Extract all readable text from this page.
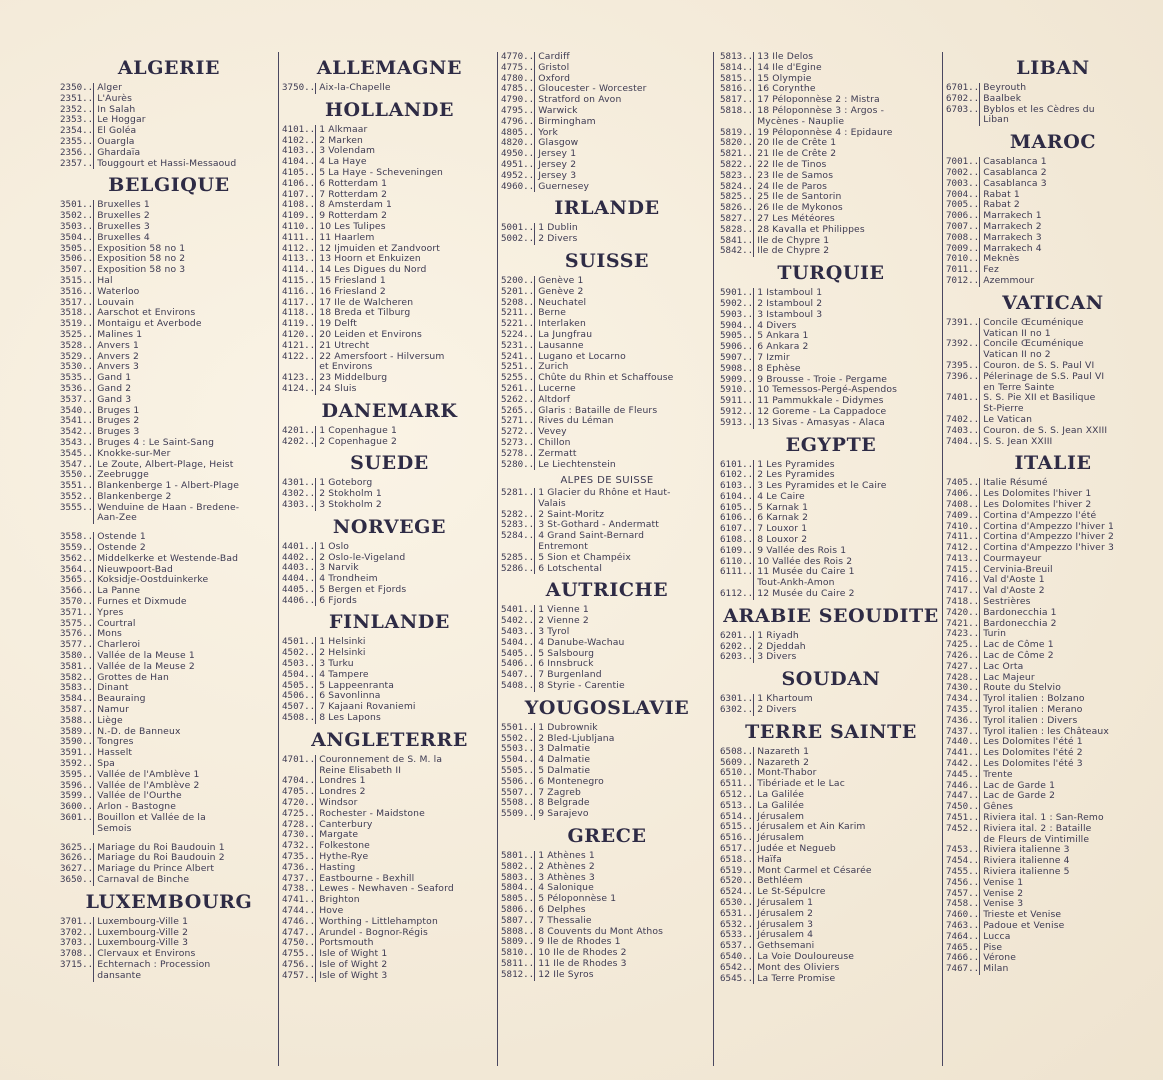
ALGERIE
2350 .. Alger
2351 .. L'Aurès
2352 .. In Salah
2353 .. Le Hoggar
2354 .. El Goléa
2355 .. Ouargla
2356 .. Ghardaïa
2357 .. Touggourt et Hassi-Messaoud
BELGIQUE
3501 .. Bruxelles 1
3502 .. Bruxelles 2
3503 .. Bruxelles 3
3504 .. Bruxelles 4
3505 .. Exposition 58 no 1
3506 .. Exposition 58 no 2
3507 .. Exposition 58 no 3
3515 .. Hal
3516 .. Waterloo
3517 .. Louvain
3518 .. Aarschot et Environs
3519 .. Montaigu et Averbode
3525 .. Malines 1
3528 .. Anvers 1
3529 .. Anvers 2
3530 .. Anvers 3
3535 .. Gand 1
3536 .. Gand 2
3537 .. Gand 3
3540 .. Bruges 1
3541 .. Bruges 2
3542 .. Bruges 3
3543 .. Bruges 4 : Le Saint-Sang
3545 .. Knokke-sur-Mer
3547 .. Le Zoute, Albert-Plage, Heist
3550 .. Zeebrugge
3551 .. Blankenberge 1 - Albert-Plage
3552 .. Blankenberge 2
3555 .. Wenduine de Haan - Bredene-
Aan-Zee
3558 .. Ostende 1
3559 .. Ostende 2
3562 .. Middelkerke et Westende-Bad
3564 .. Nieuwpoort-Bad
3565 .. Koksidje-Oostduinkerke
3566 .. La Panne
3570 .. Furnes et Dixmude
3571 .. Ypres
3575 .. Courtral
3576 .. Mons
3577 .. Charleroi
3580 .. Vallée de la Meuse 1
3581 .. Vallée de la Meuse 2
3582 .. Grottes de Han
3583 .. Dinant
3584 .. Beauraing
3587 .. Namur
3588 .. Liège
3589 .. N.-D. de Banneux
3590 .. Tongres
3591 .. Hasselt
3592 .. Spa
3595 .. Vallée de l'Amblève 1
3596 .. Vallée de l'Amblève 2
3599 .. Vallée de l'Ourthe
3600 .. Arlon - Bastogne
3601 .. Bouillon et Vallée de la
Semois
3625 .. Mariage du Roi Baudouin 1
3626 .. Mariage du Roi Baudouin 2
3627 .. Mariage du Prince Albert
3650 .. Carnaval de Binche
LUXEMBOURG
3701 .. Luxembourg-Ville 1
3702 .. Luxembourg-Ville 2
3703 .. Luxembourg-Ville 3
3708 .. Clervaux et Environs
3715 .. Echternach : Procession
dansante
ALLEMAGNE
3750 .. Aix-la-Chapelle
HOLLANDE
4101 .. 1 Alkmaar
4102 .. 2 Marken
4103 .. 3 Volendam
4104 .. 4 La Haye
4105 .. 5 La Haye - Scheveningen
4106 .. 6 Rotterdam 1
4107 .. 7 Rotterdam 2
4108 .. 8 Amsterdam 1
4109 .. 9 Rotterdam 2
4110 .. 10 Les Tulipes
4111 .. 11 Haarlem
4112 .. 12 Ijmuiden et Zandvoort
4113 .. 13 Hoorn et Enkuizen
4114 .. 14 Les Digues du Nord
4115 .. 15 Friesland 1
4116 .. 16 Friesland 2
4117 .. 17 Ile de Walcheren
4118 .. 18 Breda et Tilburg
4119 .. 19 Delft
4120 .. 20 Leiden et Environs
4121 .. 21 Utrecht
4122 .. 22 Amersfoort - Hilversum
et Environs
4123 .. 23 Middelburg
4124 .. 24 Sluis
DANEMARK
4201 .. 1 Copenhague 1
4202 .. 2 Copenhague 2
SUEDE
4301 .. 1 Goteborg
4302 .. 2 Stokholm 1
4303 .. 3 Stokholm 2
NORVEGE
4401 .. 1 Oslo
4402 .. 2 Oslo-le-Vigeland
4403 .. 3 Narvik
4404 .. 4 Trondheim
4405 .. 5 Bergen et Fjords
4406 .. 6 Fjords
FINLANDE
4501 .. 1 Helsinki
4502 .. 2 Helsinki
4503 .. 3 Turku
4504 .. 4 Tampere
4505 .. 5 Lappeenranta
4506 .. 6 Savonlinna
4507 .. 7 Kajaani Rovaniemi
4508 .. 8 Les Lapons
ANGLETERRE
4701 .. Couronnement de S. M. la
Reine Elisabeth II
4704 .. Londres 1
4705 .. Londres 2
4720 .. Windsor
4725 .. Rochester - Maidstone
4728 .. Canterbury
4730 .. Margate
4732 .. Folkestone
4735 .. Hythe-Rye
4736 .. Hasting
4737 .. Eastbourne - Bexhill
4738 .. Lewes - Newhaven - Seaford
4741 .. Brighton
4744 .. Hove
4746 .. Worthing - Littlehampton
4747 .. Arundel - Bognor-Régis
4750 .. Portsmouth
4755 .. Isle of Wight 1
4756 .. Isle of Wight 2
4757 .. Isle of Wight 3
4770 .. Cardiff
4775 .. Gristol
4780 .. Oxford
4785 .. Gloucester - Worcester
4790 .. Stratford on Avon
4795 .. Warwick
4796 .. Birmingham
4805 .. York
4820 .. Glasgow
4950 .. Jersey 1
4951 .. Jersey 2
4952 .. Jersey 3
4960 .. Guernesey
IRLANDE
5001 .. 1 Dublin
5002 .. 2 Divers
SUISSE
5200 .. Genève 1
5201 .. Genève 2
5208 .. Neuchatel
5211 .. Berne
5221 .. Interlaken
5224 .. La Jungfrau
5231 .. Lausanne
5241 .. Lugano et Locarno
5251 .. Zurich
5255 .. Chûte du Rhin et Schaffouse
5261 .. Lucerne
5262 .. Altdorf
5265 .. Glaris : Bataille de Fleurs
5271 .. Rives du Léman
5272 .. Vevey
5273 .. Chillon
5278 .. Zermatt
5280 .. Le Liechtenstein
ALPES DE SUISSE
5281 .. 1 Glacier du Rhône et Haut-
Valais
5282 .. 2 Saint-Moritz
5283 .. 3 St-Gothard - Andermatt
5284 .. 4 Grand Saint-Bernard
Entremont
5285 .. 5 Sion et Champéix
5286 .. 6 Lotschental
AUTRICHE
5401 .. 1 Vienne 1
5402 .. 2 Vienne 2
5403 .. 3 Tyrol
5404 .. 4 Danube-Wachau
5405 .. 5 Salsbourg
5406 .. 6 Innsbruck
5407 .. 7 Burgenland
5408 .. 8 Styrie - Carentie
YOUGOSLAVIE
5501 .. 1 Dubrownik
5502 .. 2 Bled-Ljubljana
5503 .. 3 Dalmatie
5504 .. 4 Dalmatie
5505 .. 5 Dalmatie
5506 .. 6 Montenegro
5507 .. 7 Zagreb
5508 .. 8 Belgrade
5509 .. 9 Sarajevo
GRECE
5801 .. 1 Athènes 1
5802 .. 2 Athènes 2
5803 .. 3 Athènes 3
5804 .. 4 Salonique
5805 .. 5 Péloponnèse 1
5806 .. 6 Delphes
5807 .. 7 Thessalie
5808 .. 8 Couvents du Mont Athos
5809 .. 9 Ile de Rhodes 1
5810 .. 10 Ile de Rhodes 2
5811 .. 11 Ile de Rhodes 3
5812 .. 12 Ile Syros
5813 .. 13 Ile Delos
5814 .. 14 Ile d'Egine
5815 .. 15 Olympie
5816 .. 16 Corynthe
5817 .. 17 Péloponnèse 2 : Mistra
5818 .. 18 Péloponnèse 3 : Argos -
Mycènes - Nauplie
5819 .. 19 Péloponnèse 4 : Epidaure
5820 .. 20 Ile de Crête 1
5821 .. 21 Ile de Crête 2
5822 .. 22 Ile de Tinos
5823 .. 23 Ile de Samos
5824 .. 24 Ile de Paros
5825 .. 25 Ile de Santorin
5826 .. 26 Ile de Mykonos
5827 .. 27 Les Météores
5828 .. 28 Kavalla et Philippes
5841 .. Ile de Chypre 1
5842 .. Ile de Chypre 2
TURQUIE
5901 .. 1 Istamboul 1
5902 .. 2 Istamboul 2
5903 .. 3 Istamboul 3
5904 .. 4 Divers
5905 .. 5 Ankara 1
5906 .. 6 Ankara 2
5907 .. 7 Izmir
5908 .. 8 Ephèse
5909 .. 9 Brousse - Troie - Pergame
5910 .. 10 Temessos-Pergé-Aspendos
5911 .. 11 Pammukkale - Didymes
5912 .. 12 Goreme - La Cappadoce
5913 .. 13 Sivas - Amasyas - Alaca
EGYPTE
6101 .. 1 Les Pyramides
6102 .. 2 Les Pyramides
6103 .. 3 Les Pyramides et le Caire
6104 .. 4 Le Caire
6105 .. 5 Karnak 1
6106 .. 6 Karnak 2
6107 .. 7 Louxor 1
6108 .. 8 Louxor 2
6109 .. 9 Vallée des Rois 1
6110 .. 10 Vallée des Rois 2
6111 .. 11 Musée du Caire 1
Tout-Ankh-Amon
6112 .. 12 Musée du Caire 2
ARABIE SEOUDITE
6201 .. 1 Riyadh
6202 .. 2 Djeddah
6203 .. 3 Divers
SOUDAN
6301 .. 1 Khartoum
6302 .. 2 Divers
TERRE SAINTE
6508 .. Nazareth 1
5609 .. Nazareth 2
6510 .. Mont-Thabor
6511 .. Tibériade et le Lac
6512 .. La Galilée
6513 .. La Galilée
6514 .. Jérusalem
6515 .. Jérusalem et Ain Karim
6516 .. Jérusalem
6517 .. Judée et Negueb
6518 .. Haïfa
6519 .. Mont Carmel et Césarée
6520 .. Bethléem
6524 .. Le St-Sépulcre
6530 .. Jérusalem 1
6531 .. Jérusalem 2
6532 .. Jérusalem 3
6533 .. Jérusalem 4
6537 .. Gethsemani
6540 .. La Voie Douloureuse
6542 .. Mont des Oliviers
6545 .. La Terre Promise
LIBAN
6701 .. Beyrouth
6702 .. Baalbek
6703 .. Byblos et les Cèdres du
Liban
MAROC
7001 .. Casablanca 1
7002 .. Casablanca 2
7003 .. Casablanca 3
7004 .. Rabat 1
7005 .. Rabat 2
7006 .. Marrakech 1
7007 .. Marrakech 2
7008 .. Marrakech 3
7009 .. Marrakech 4
7010 .. Meknès
7011 .. Fez
7012 .. Azemmour
VATICAN
7391 .. Concile Œcuménique
Vatican II no 1
7392 .. Concile Œcuménique
Vatican II no 2
7395 .. Couron. de S. S. Paul VI
7396 .. Pélerinage de S.S. Paul VI
en Terre Sainte
7401 .. S. S. Pie XII et Basilique
St-Pierre
7402 .. Le Vatican
7403 .. Couron. de S. S. Jean XXIII
7404 .. S. S. Jean XXIII
ITALIE
7405 .. Italie Résumé
7406 .. Les Dolomites l'hiver 1
7408 .. Les Dolomites l'hiver 2
7409 .. Cortina d'Ampezzo l'été
7410 .. Cortina d'Ampezzo l'hiver 1
7411 .. Cortina d'Ampezzo l'hiver 2
7412 .. Cortina d'Ampezzo l'hiver 3
7413 .. Courmayeur
7415 .. Cervinia-Breuil
7416 .. Val d'Aoste 1
7417 .. Val d'Aoste 2
7418 .. Sestrières
7420 .. Bardonecchia 1
7421 .. Bardonecchia 2
7423 .. Turin
7425 .. Lac de Côme 1
7426 .. Lac de Côme 2
7427 .. Lac Orta
7428 .. Lac Majeur
7430 .. Route du Stelvio
7434 .. Tyrol italien : Bolzano
7435 .. Tyrol italien : Merano
7436 .. Tyrol italien : Divers
7437 .. Tyrol italien : les Châteaux
7440 .. Les Dolomites l'été 1
7441 .. Les Dolomites l'été 2
7442 .. Les Dolomites l'été 3
7445 .. Trente
7446 .. Lac de Garde 1
7447 .. Lac de Garde 2
7450 .. Gênes
7451 .. Riviera ital. 1 : San-Remo
7452 .. Riviera ital. 2 : Bataille
de Fleurs de Vintimille
7453 .. Riviera italienne 3
7454 .. Riviera italienne 4
7455 .. Riviera italienne 5
7456 .. Venise 1
7457 .. Venise 2
7458 .. Venise 3
7460 .. Trieste et Venise
7463 .. Padoue et Venise
7464 .. Lucca
7465 .. Pise
7466 .. Vérone
7467 .. Milan
